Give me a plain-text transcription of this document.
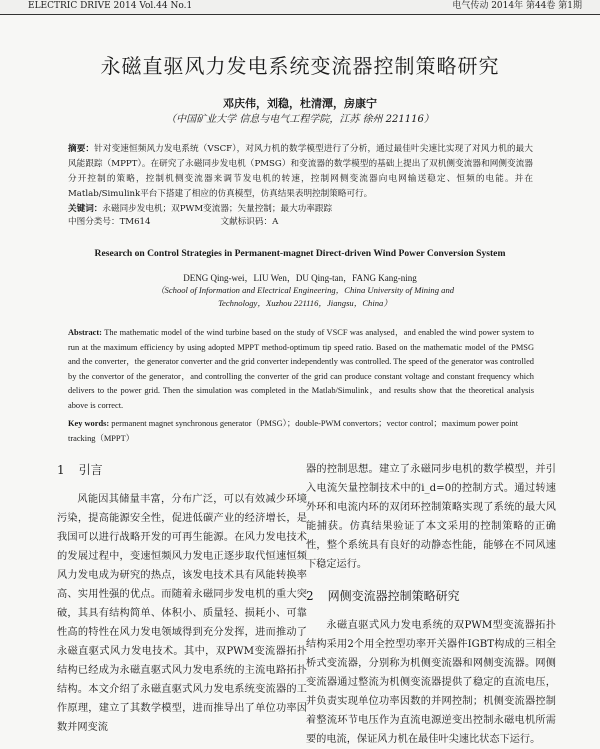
ELECTRIC DRIVE 2014 Vol.44 No.1	电气传动 2014年 第44卷 第1期
永磁直驱风力发电系统变流器控制策略研究
邓庆伟，刘稳，杜清潭，房康宁
（中国矿业大学 信息与电气工程学院，江苏 徐州 221116）
摘要：针对变速恒频风力发电系统（VSCF），对风力机的数学模型进行了分析，通过最佳叶尖速比实现了对风力机的最大风能跟踪（MPPT）。在研究了永磁同步发电机（PMSG）和变流器的数学模型的基础上提出了双机侧变流器和网侧变流器分开控制的策略，控制机侧变流器来调节发电机的转速，控制网侧变流器向电网输送稳定、恒频的电能。并在Matlab/Simulink平台下搭建了相应的仿真模型，仿真结果表明控制策略可行。
关键词：永磁同步发电机；双PWM变流器；矢量控制；最大功率跟踪
中图分类号：TM614	文献标识码：A
Research on Control Strategies in Permanent-magnet Direct-driven Wind Power Conversion System
DENG Qing-wei，LIU Wen，DU Qing-tan，FANG Kang-ning
（School of Information and Electrical Engineering，China University of Mining and Technology，Xuzhou 221116，Jiangsu，China）
Abstract: The mathematic model of the wind turbine based on the study of VSCF was analysed，and enabled the wind power system to run at the maximum efficiency by using adopted MPPT method-optimum tip speed ratio. Based on the mathematic model of the PMSG and the converter，the generator converter and the grid converter independently was controlled. The speed of the generator was controlled by the convertor of the generator，and controlling the converter of the grid can produce constant voltage and constant frequency which delivers to the power grid. Then the simulation was completed in the Matlab/Simulink，and results show that the theoretical analysis above is correct.
Key words: permanent magnet synchronous generator（PMSG）；double-PWM convertors；vector control；maximum power point tracking（MPPT）
1 引言

风能因其储量丰富，分布广泛，可以有效减少环境污染，提高能源安全性，促进低碳产业的经济增长，是我国可以进行战略开发的可再生能源。在风力发电技术的发展过程中，变速恒频风力发电正逐步取代恒速恒频风力发电成为研究的热点，该发电技术具有风能转换率高、实用性强的优点。而随着永磁同步发电机的重大突破，其具有结构简单、体积小、质量轻、损耗小、可靠性高的特性在风力发电领域得到充分发挥，进而推动了永磁直驱式风力发电技术。其中，双PWM变流器拓扑结构已经成为永磁直驱式风力发电系统的主流电路拓扑结构。本文介绍了永磁直驱式风力发电系统变流器的工作原理，建立了其数学模型，进而推导出了单位功率因数并网变流

器的控制思想。建立了永磁同步电机的数学模型，并引入电流矢量控制技术中的i_d=0的控制方式。通过转速外环和电流内环的双闭环控制策略实现了系统的最大风能捕获。仿真结果验证了本文采用的控制策略的正确性，整个系统具有良好的动静态性能，能够在不同风速下稳定运行。

2 网侧变流器控制策略研究

永磁直驱式风力发电系统的双PWM型变流器拓扑结构采用2个用全控型功率开关器件IGBT构成的三相全桥式变流器，分别称为机侧变流器和网侧变流器。网侧变流器通过整流为机侧变流器提供了稳定的直流电压，并负责实现单位功率因数的并网控制；机侧变流器控制着整流环节电压作为直流电源逆变出控制永磁电机所需要的电流，保证风力机在最佳叶尖速比状态下运行。
